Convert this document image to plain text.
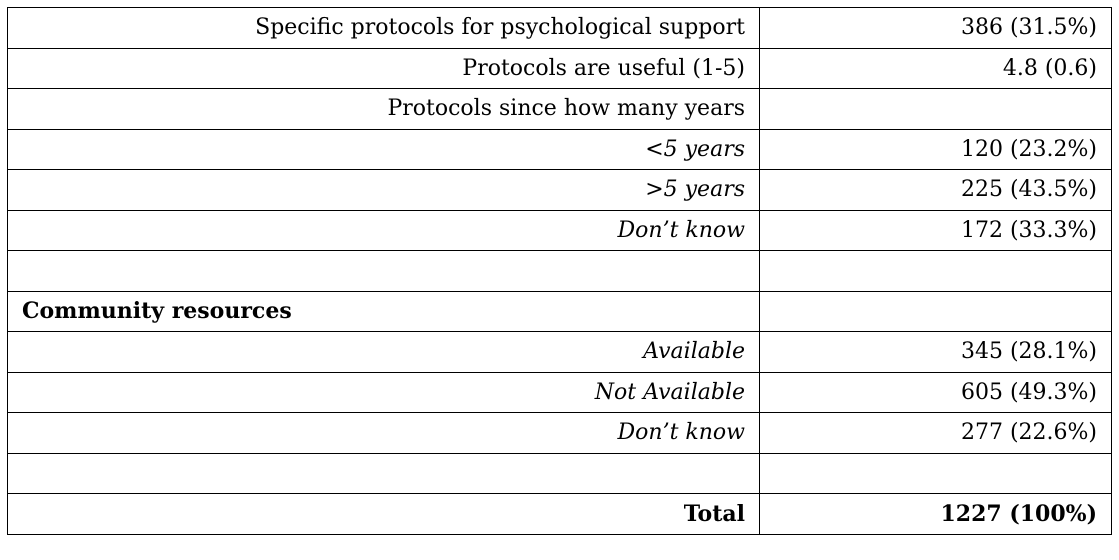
Specific protocols for psychological support	386 (31.5%)
Protocols are useful (1-5)	4.8 (0.6)
Protocols since how many years	
<5 years	120 (23.2%)
>5 years	225 (43.5%)
Don’t know	172 (33.3%)

Community resources	
Available	345 (28.1%)
Not Available	605 (49.3%)
Don’t know	277 (22.6%)

Total	1227 (100%)
